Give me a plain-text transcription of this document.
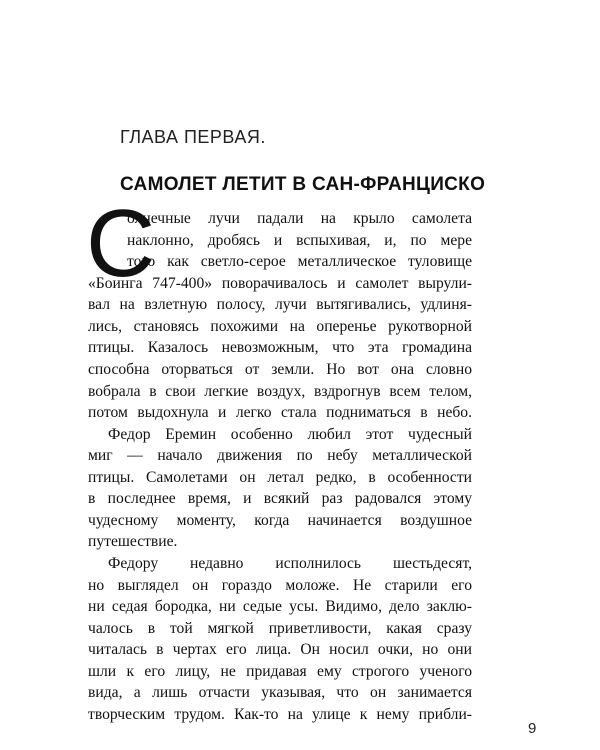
ГЛАВА ПЕРВАЯ.
САМОЛЕТ ЛЕТИТ В САН-ФРАНЦИСКО
С
олнечные лучи падали на крыло самолета
наклонно, дробясь и вспыхивая, и, по мере
того как светло-серое металлическое туловище
«Боинга 747-400» поворачивалось и самолет вырули-
вал на взлетную полосу, лучи вытягивались, удлиня-
лись, становясь похожими на оперенье рукотворной
птицы. Казалось невозможным, что эта громадина
способна оторваться от земли. Но вот она словно
вобрала в свои легкие воздух, вздрогнув всем телом,
потом выдохнула и легко стала подниматься в небо.
Федор Еремин особенно любил этот чудесный
миг — начало движения по небу металлической
птицы. Самолетами он летал редко, в особенности
в последнее время, и всякий раз радовался этому
чудесному моменту, когда начинается воздушное
путешествие.
Федору недавно исполнилось шестьдесят,
но выглядел он гораздо моложе. Не старили его
ни седая бородка, ни седые усы. Видимо, дело заклю-
чалось в той мягкой приветливости, какая сразу
читалась в чертах его лица. Он носил очки, но они
шли к его лицу, не придавая ему строгого ученого
вида, а лишь отчасти указывая, что он занимается
творческим трудом. Как-то на улице к нему прибли-
9
